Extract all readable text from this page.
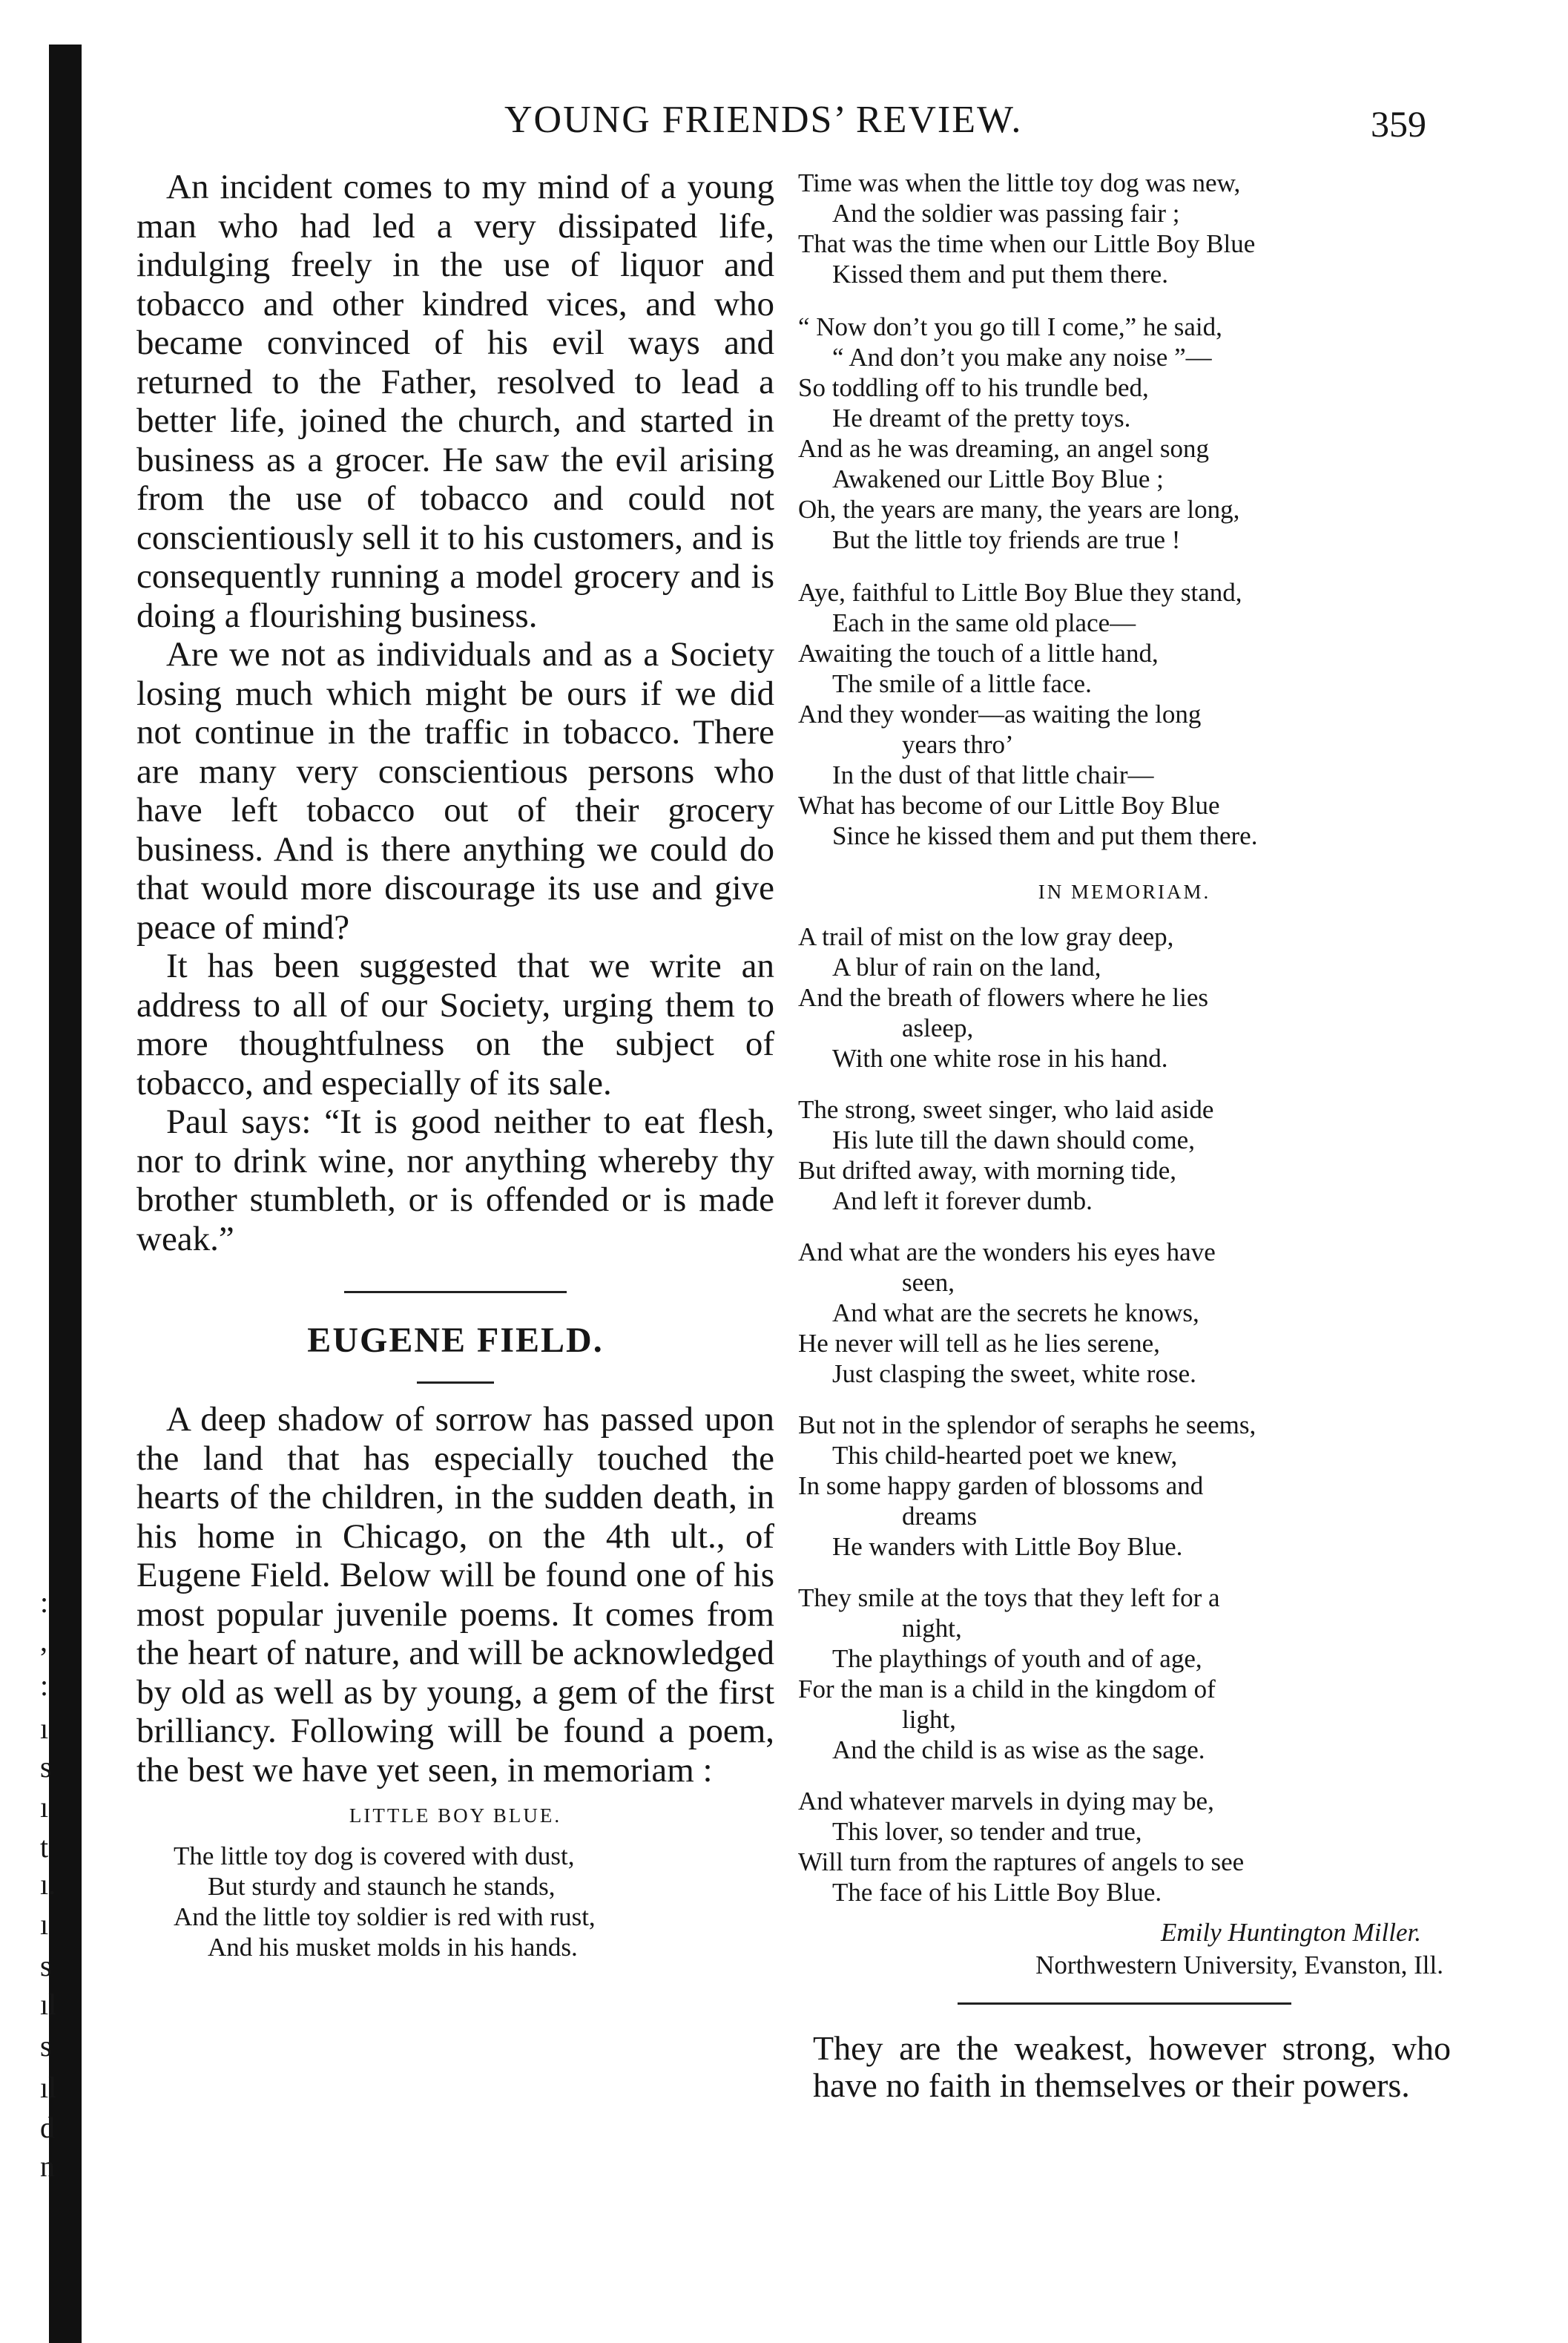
:
,
:
ı
s
ı
t
ı.
ı
s
ıl
s
ıl
d
n
YOUNG FRIENDS’ REVIEW.	359

An incident comes to my mind of a young man who had led a very dissipated life, indulging freely in the use of liquor and tobacco and other kindred vices, and who became convinced of his evil ways and returned to the Father, resolved to lead a better life, joined the church, and started in business as a grocer. He saw the evil arising from the use of tobacco and could not conscientiously sell it to his customers, and is consequently running a model grocery and is doing a flourishing business.

Are we not as individuals and as a Society losing much which might be ours if we did not continue in the traffic in tobacco. There are many very conscientious persons who have left tobacco out of their grocery business. And is there anything we could do that would more discourage its use and give peace of mind?

It has been suggested that we write an address to all of our Society, urging them to more thoughtfulness on the subject of tobacco, and especially of its sale.

Paul says: “It is good neither to eat flesh, nor to drink wine, nor anything whereby thy brother stumbleth, or is offended or is made weak.”

EUGENE FIELD.

A deep shadow of sorrow has passed upon the land that has especially touched the hearts of the children, in the sudden death, in his home in Chicago, on the 4th ult., of Eugene Field. Below will be found one of his most popular juvenile poems. It comes from the heart of nature, and will be acknowledged by old as well as by young, a gem of the first brilliancy. Following will be found a poem, the best we have yet seen, in memoriam :

LITTLE BOY BLUE.
The little toy dog is covered with dust,
But sturdy and staunch he stands,
And the little toy soldier is red with rust,
And his musket molds in his hands.
Time was when the little toy dog was new,
And the soldier was passing fair ;
That was the time when our Little Boy Blue
Kissed them and put them there.
“ Now don’t you go till I come,” he said,
“ And don’t you make any noise ”—
So toddling off to his trundle bed,
He dreamt of the pretty toys.
And as he was dreaming, an angel song
Awakened our Little Boy Blue ;
Oh, the years are many, the years are long,
But the little toy friends are true !
Aye, faithful to Little Boy Blue they stand,
Each in the same old place—
Awaiting the touch of a little hand,
The smile of a little face.
And they wonder—as waiting the long
years thro’
In the dust of that little chair—
What has become of our Little Boy Blue
Since he kissed them and put them there.
IN MEMORIAM.
A trail of mist on the low gray deep,
A blur of rain on the land,
And the breath of flowers where he lies
asleep,
With one white rose in his hand.
The strong, sweet singer, who laid aside
His lute till the dawn should come,
But drifted away, with morning tide,
And left it forever dumb.
And what are the wonders his eyes have
seen,
And what are the secrets he knows,
He never will tell as he lies serene,
Just clasping the sweet, white rose.
But not in the splendor of seraphs he seems,
This child-hearted poet we knew,
In some happy garden of blossoms and
dreams
He wanders with Little Boy Blue.
They smile at the toys that they left for a
night,
The playthings of youth and of age,
For the man is a child in the kingdom of
light,
And the child is as wise as the sage.
And whatever marvels in dying may be,
This lover, so tender and true,
Will turn from the raptures of angels to see
The face of his Little Boy Blue.
Emily Huntington Miller.
Northwestern University, Evanston, Ill.
They are the weakest, however strong, who have no faith in themselves or their powers.
